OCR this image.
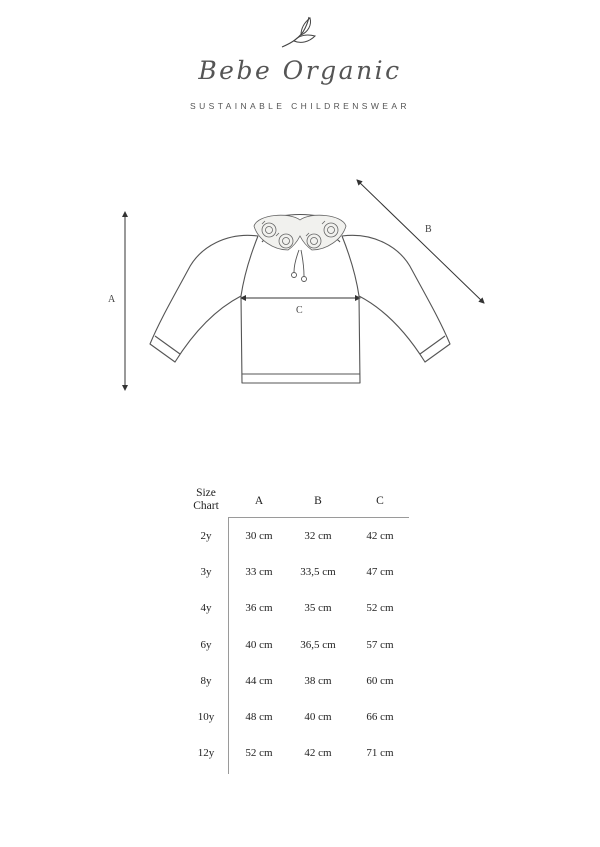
Bebe Organic
SUSTAINABLE CHILDRENSWEAR
A
B
C
Size
Chart	A	B	C
2y	30 cm	32 cm	42 cm
3y	33 cm	33,5 cm	47 cm
4y	36 cm	35 cm	52 cm
6y	40 cm	36,5 cm	57 cm
8y	44 cm	38 cm	60 cm
10y	48 cm	40 cm	66 cm
12y	52 cm	42 cm	71 cm
